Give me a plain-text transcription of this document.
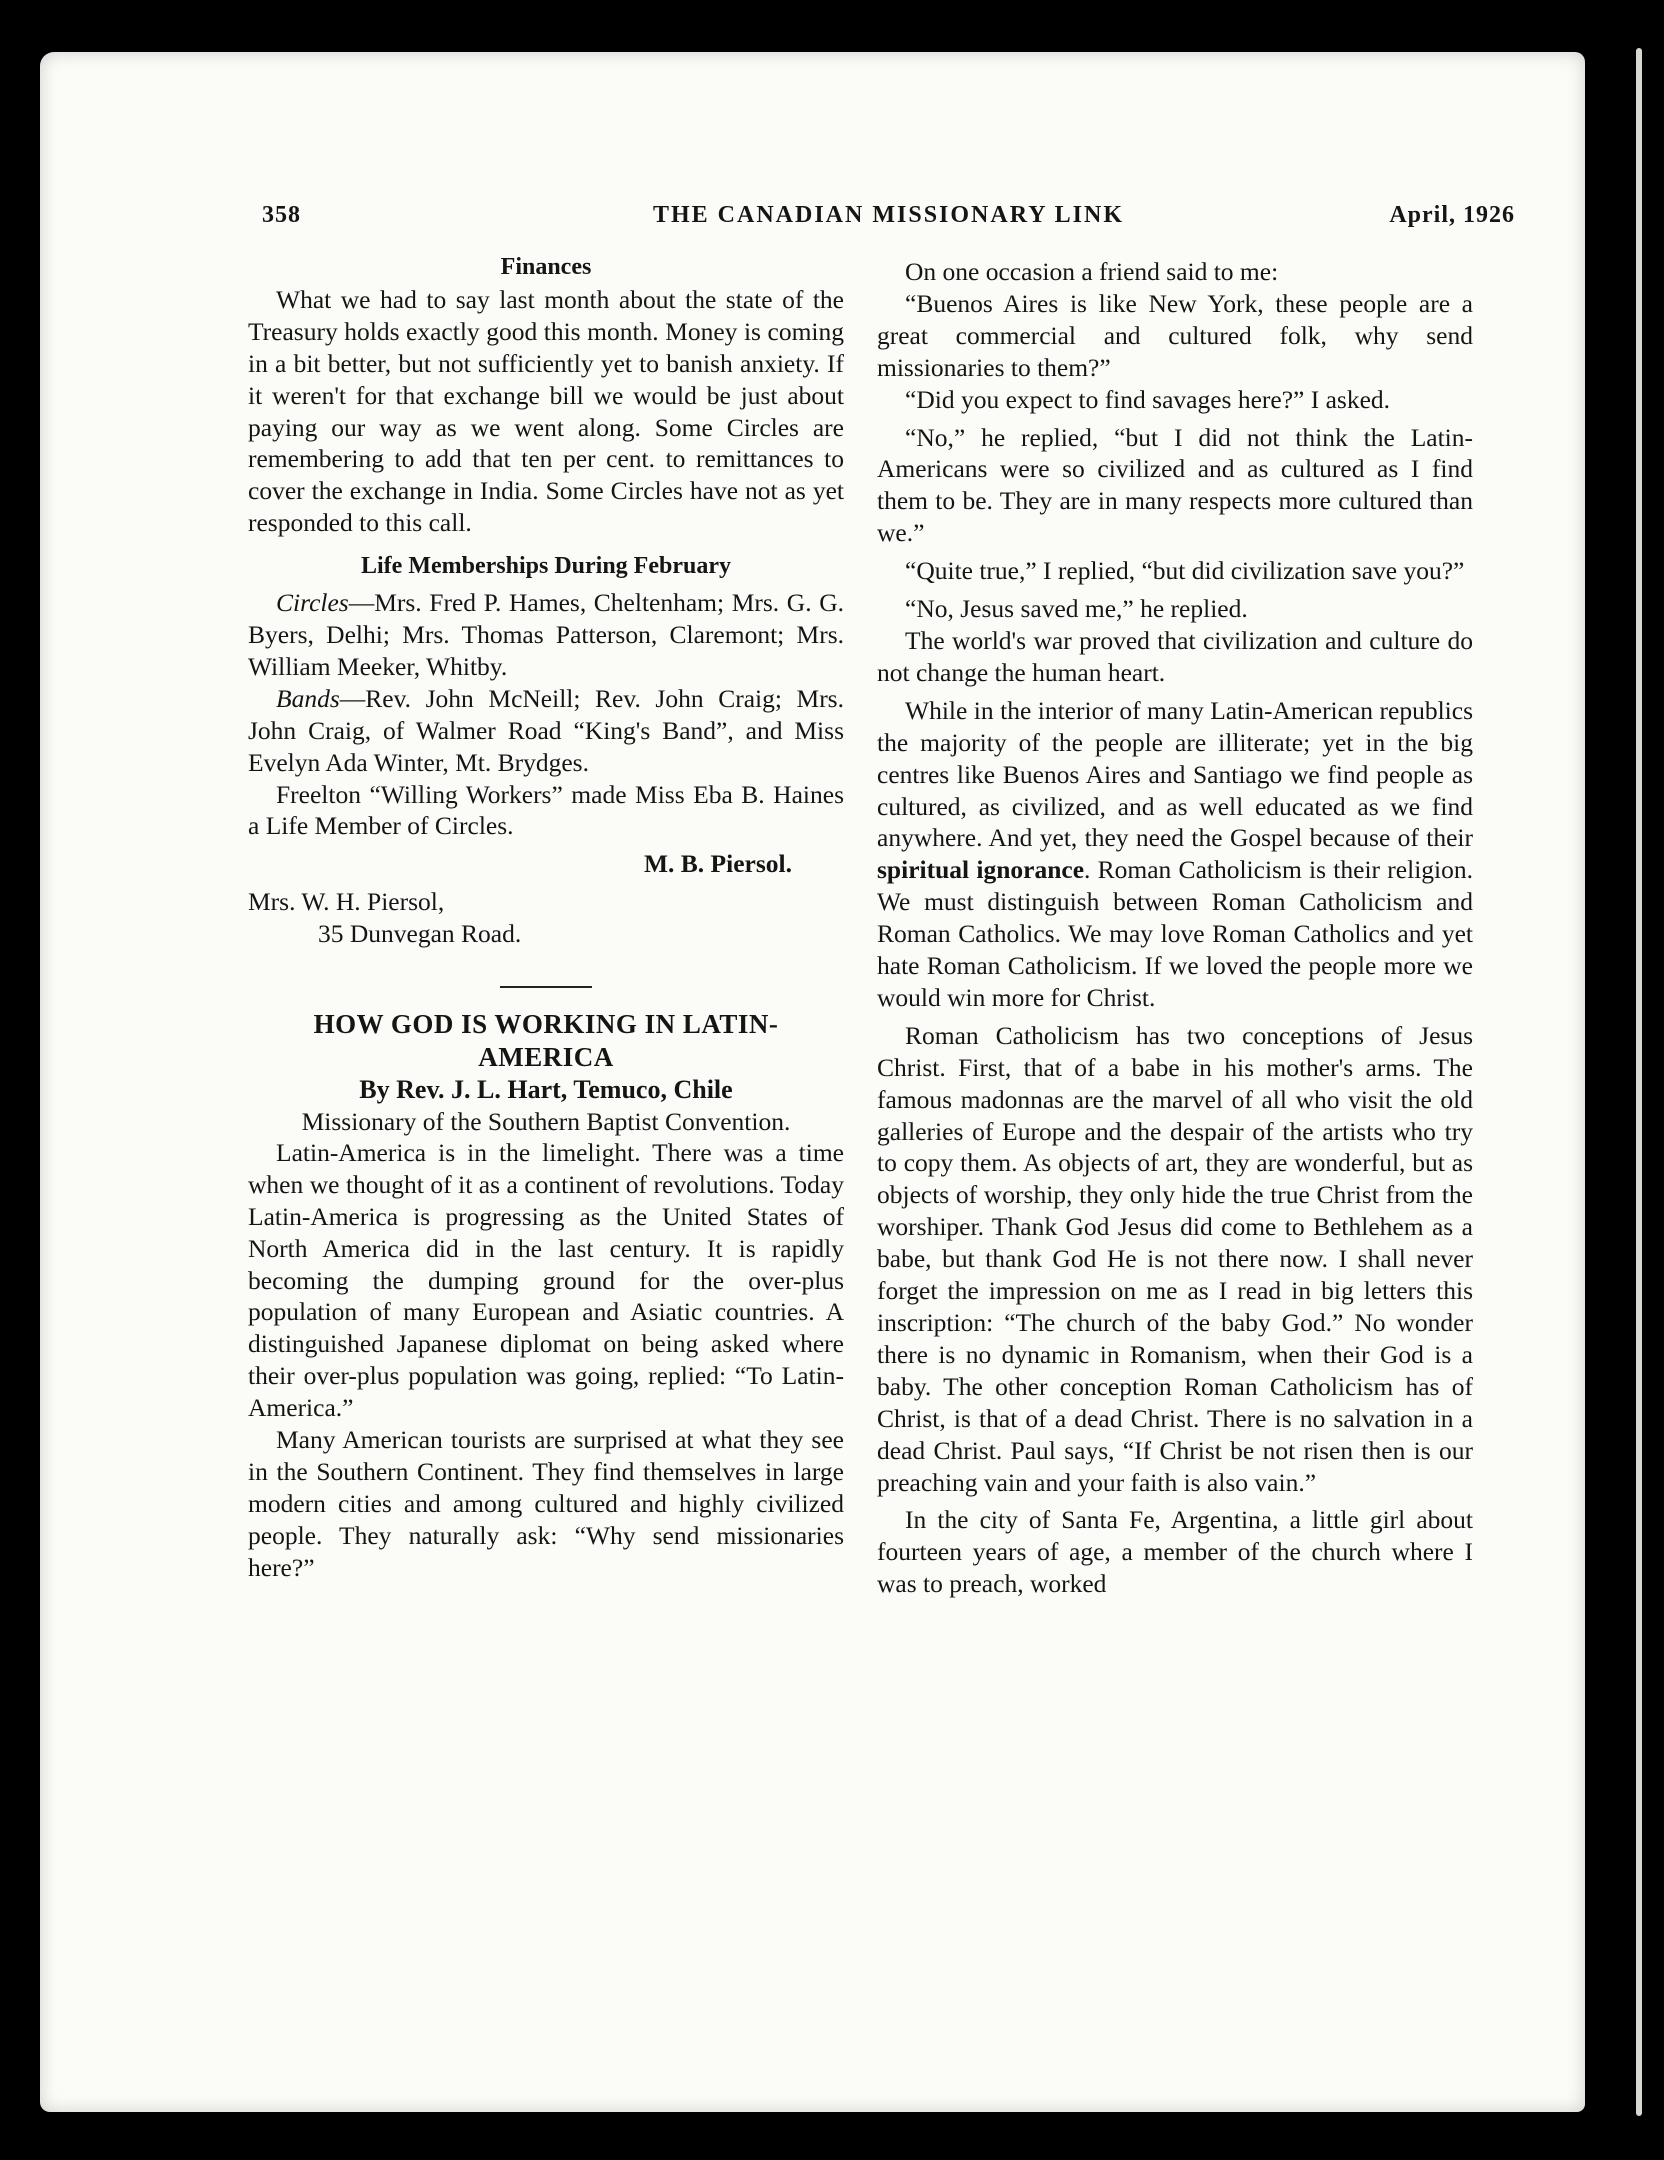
358	THE CANADIAN MISSIONARY LINK	April, 1926

Finances

What we had to say last month about the state of the Treasury holds exactly good this month. Money is coming in a bit better, but not sufficiently yet to banish anxiety. If it weren't for that exchange bill we would be just about paying our way as we went along. Some Circles are remembering to add that ten per cent. to remittances to cover the exchange in India. Some Circles have not as yet responded to this call.

Life Memberships During February

Circles—Mrs. Fred P. Hames, Cheltenham; Mrs. G. G. Byers, Delhi; Mrs. Thomas Patterson, Claremont; Mrs. William Meeker, Whitby.

Bands—Rev. John McNeill; Rev. John Craig; Mrs. John Craig, of Walmer Road “King's Band”, and Miss Evelyn Ada Winter, Mt. Brydges.

Freelton “Willing Workers” made Miss Eba B. Haines a Life Member of Circles.

M. B. Piersol.

Mrs. W. H. Piersol,

35 Dunvegan Road.

HOW GOD IS WORKING IN LATIN-AMERICA

By Rev. J. L. Hart, Temuco, Chile

Missionary of the Southern Baptist Convention.

Latin-America is in the limelight. There was a time when we thought of it as a continent of revolutions. Today Latin-America is progressing as the United States of North America did in the last century. It is rapidly becoming the dumping ground for the over-plus population of many European and Asiatic countries. A distinguished Japanese diplomat on being asked where their over-plus population was going, replied: “To Latin-America.”

Many American tourists are surprised at what they see in the Southern Continent. They find themselves in large modern cities and among cultured and highly civilized people. They naturally ask: “Why send missionaries here?”

On one occasion a friend said to me:

“Buenos Aires is like New York, these people are a great commercial and cultured folk, why send missionaries to them?”

“Did you expect to find savages here?” I asked.

“No,” he replied, “but I did not think the Latin-Americans were so civilized and as cultured as I find them to be. They are in many respects more cultured than we.”

“Quite true,” I replied, “but did civilization save you?”

“No, Jesus saved me,” he replied.

The world's war proved that civilization and culture do not change the human heart.

While in the interior of many Latin-American republics the majority of the people are illiterate; yet in the big centres like Buenos Aires and Santiago we find people as cultured, as civilized, and as well educated as we find anywhere. And yet, they need the Gospel because of their spiritual ignorance. Roman Catholicism is their religion. We must distinguish between Roman Catholicism and Roman Catholics. We may love Roman Catholics and yet hate Roman Catholicism. If we loved the people more we would win more for Christ.

Roman Catholicism has two conceptions of Jesus Christ. First, that of a babe in his mother's arms. The famous madonnas are the marvel of all who visit the old galleries of Europe and the despair of the artists who try to copy them. As objects of art, they are wonderful, but as objects of worship, they only hide the true Christ from the worshiper. Thank God Jesus did come to Bethlehem as a babe, but thank God He is not there now. I shall never forget the impression on me as I read in big letters this inscription: “The church of the baby God.” No wonder there is no dynamic in Romanism, when their God is a baby. The other conception Roman Catholicism has of Christ, is that of a dead Christ. There is no salvation in a dead Christ. Paul says, “If Christ be not risen then is our preaching vain and your faith is also vain.”

In the city of Santa Fe, Argentina, a little girl about fourteen years of age, a member of the church where I was to preach, worked
